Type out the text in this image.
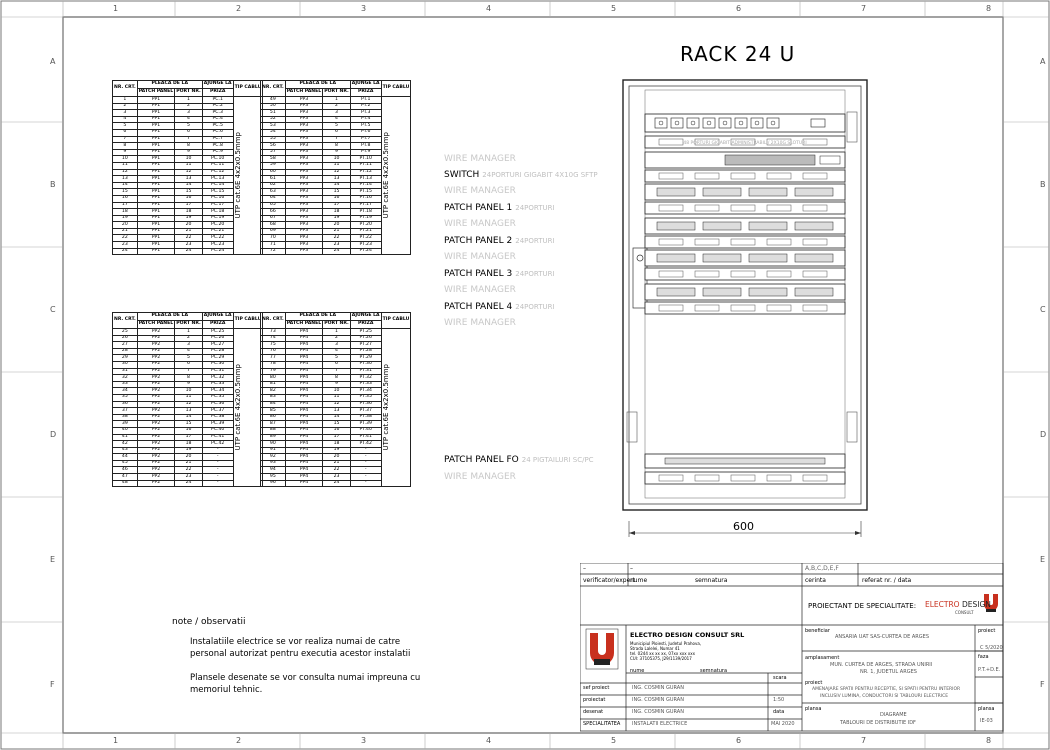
1	2	3	4	5	6	7	8
1	2	3	4	5	6	7	8
A
B
C
D
E
F
A
B
C
D
E
F
NR. CRT.	PLEACA DE LA		AJUNGE LA	TIP CABLU
	PATCH PANEL	PORT NR.	PRIZA	
1	PP1	1	PC.1	UTP cat.6E 4x2x0.5mmp

2	PP1	2	PC.2	
3	PP1	3	PC.3	
4	PP1	4	PC.4	
5	PP1	5	PC.5	
6	PP1	6	PC.6	
7	PP1	7	PC.7	
8	PP1	8	PC.8	
9	PP1	9	PC.9	
10	PP1	10	PC.10	
11	PP1	11	PC.11	
12	PP1	12	PC.12	
13	PP1	13	PC.13	
14	PP1	14	PC.14	
15	PP1	15	PC.15	
16	PP1	16	PC.16	
17	PP1	17	PC.17	
18	PP1	18	PC.18	
19	PP1	19	PC.19	
20	PP1	20	PC.20	
21	PP1	21	PC.21	
22	PP1	22	PC.22	
23	PP1	23	PC.23	
24	PP1	24	PC.24	
NR. CRT.	PLEACA DE LA		AJUNGE LA	TIP CABLU
	PATCH PANEL	PORT NR.	PRIZA	
49	PP3	1	PT.1	UTP cat.6E 4x2x0.5mmp

50	PP3	2	PT.2	
51	PP3	3	PT.3	
52	PP3	4	PT.4	
53	PP3	5	PT.5	
54	PP3	6	PT.6	
55	PP3	7	PT.7	
56	PP3	8	PT.8	
57	PP3	9	PT.9	
58	PP3	10	PT.10	
59	PP3	11	PT.11	
60	PP3	12	PT.12	
61	PP3	13	PT.13	
62	PP3	14	PT.14	
63	PP3	15	PT.15	
64	PP3	16	PT.16	
65	PP3	17	PT.17	
66	PP3	18	PT.18	
67	PP3	19	PT.19	
68	PP3	20	PT.20	
69	PP3	21	PT.21	
70	PP3	22	PT.22	
71	PP3	23	PT.23	
72	PP3	24	PT.24	
NR. CRT.	PLEACA DE LA		AJUNGE LA	TIP CABLU
	PATCH PANEL	PORT NR.	PRIZA	
25	PP2	1	PC.25	UTP cat.6E 4x2x0.5mmp

26	PP2	2	PC.26	
27	PP2	3	PC.27	
28	PP2	4	PC.28	
29	PP2	5	PC.29	
30	PP2	6	PC.30	
31	PP2	7	PC.31	
32	PP2	8	PC.32	
33	PP2	9	PC.33	
34	PP2	10	PC.34	
35	PP2	11	PC.35	
36	PP2	12	PC.36	
37	PP2	13	PC.37	
38	PP2	14	PC.38	
39	PP2	15	PC.39	
40	PP2	16	PC.40	
41	PP2	17	PC.41	
42	PP2	18	PC.42	
43	PP2	19	-	
44	PP2	20	-	
45	PP2	21	-	
46	PP2	22	-	
47	PP2	23	-	
48	PP2	24	-	
NR. CRT.	PLEACA DE LA		AJUNGE LA	TIP CABLU
	PATCH PANEL	PORT NR.	PRIZA	
73	PP4	1	PT.25	UTP cat.6E 4x2x0.5mmp

74	PP4	2	PT.26	
75	PP4	3	PT.27	
76	PP4	4	PT.28	
77	PP4	5	PT.29	
78	PP4	6	PT.30	
79	PP4	7	PT.31	
80	PP4	8	PT.32	
81	PP4	9	PT.33	
82	PP4	10	PT.34	
83	PP4	11	PT.35	
84	PP4	12	PT.36	
85	PP4	13	PT.37	
86	PP4	14	PT.38	
87	PP4	15	PT.39	
88	PP4	16	PT.40	
89	PP4	17	PT.41	
90	PP4	18	PT.42	
91	PP4	19	-	
92	PP4	20	-	
93	PP4	21	-	
94	PP4	22	-	
95	PP4	23	-	
96	PP4	24	-	
RACK 24 U
48 PORTURI GIGABIT ADMINISTRABIL / 2X10G SLOTURI
600
WIRE MANAGER
SWITCH 24PORTURI GIGABIT 4X10G SFTP
WIRE MANAGER
PATCH PANEL 1 24PORTURI
WIRE MANAGER
PATCH PANEL 2 24PORTURI
WIRE MANAGER
PATCH PANEL 3 24PORTURI
WIRE MANAGER
PATCH PANEL 4 24PORTURI
WIRE MANAGER
PATCH PANEL FO 24 PIGTAILURI SC/PC
WIRE MANAGER
note / observatii
Instalatiile electrice se vor realiza numai de catre
personal autorizat pentru executia acestor instalatii
Plansele desenate se vor consulta numai impreuna cu
memoriul tehnic.
–	–	A,B,C,D,E,F
verificator/expert
nume	semnatura	cerinta	referat nr. / data
PROIECTANT DE SPECIALITATE: ELECTRO DESIGN
CONSULT
ELECTRO DESIGN CONSULT SRL
Municipiul Ploiesti, Judetul Prahova,
Strada Lalelei, Numar 41
tel. 0244 xx xx xx, 07xx xxx xxx
CUI: 37105375, J29/1139/2017
nume	semnatura
sef proiect
proiectat
desenat
SPECIALITATEA
ING. COSMIN GURAN
ING. COSMIN GURAN
ING. COSMIN GURAN
INSTALATII ELECTRICE
scara
1:50
data
MAI 2020
beneficiar
ANSARIA UAT SAS-CURTEA DE ARGES
amplasament
MUN. CURTEA DE ARGES, STRADA UNIRII
NR. 1, JUDETUL ARGES
proiect
AMENAJARE SPATII PENTRU RECEPTIE, SI SPATII PENTRU INTERIOR
INCLUSIV LUMINA, CONDUCTORI SI TABLOURI ELECTRICE
plansa
DIAGRAME
TABLOURI DE DISTRIBUTIE IDF
proiect
C 5/2020
faza
P.T.+D.E.
plansa
IE-03
